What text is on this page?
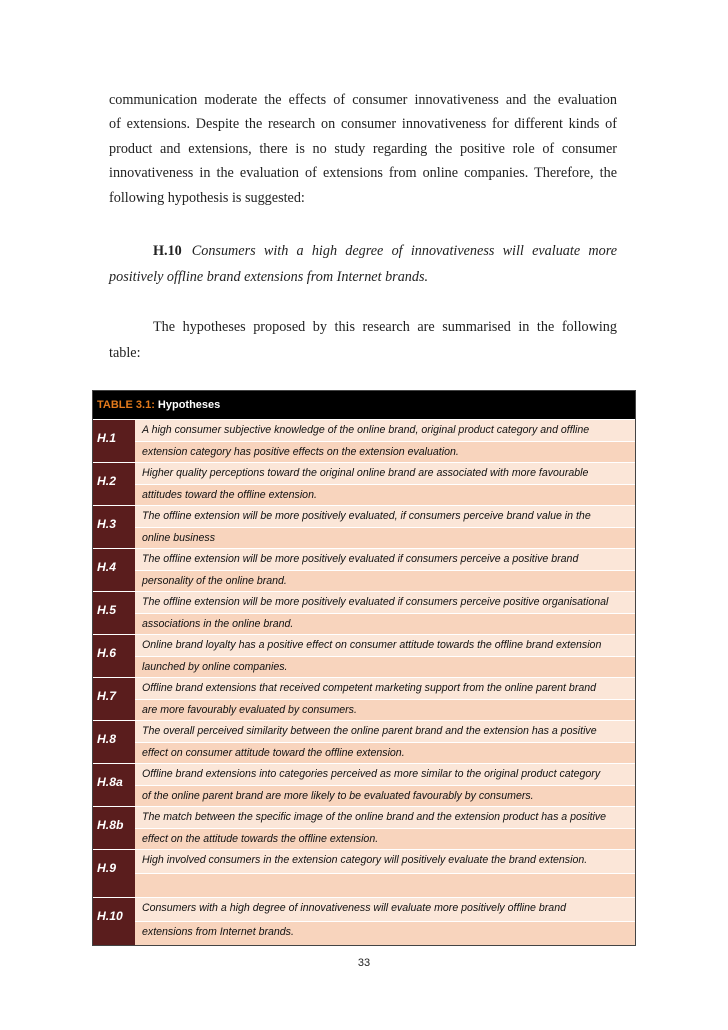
communication moderate the effects of consumer innovativeness and the evaluation
of extensions. Despite the research on consumer innovativeness for different kinds of
product and extensions, there is no study regarding the positive role of consumer
innovativeness in the evaluation of extensions from online companies. Therefore, the
following hypothesis is suggested:
H.10 Consumers with a high degree of innovativeness will evaluate more
positively offline brand extensions from Internet brands.
The hypotheses proposed by this research are summarised in the following
table:
TABLE 3.1: Hypotheses
H.1
A high consumer subjective knowledge of the online brand, original product category and offline
extension category has positive effects on the extension evaluation.
H.2
Higher quality perceptions toward the original online brand are associated with more favourable
attitudes toward the offline extension.
H.3
The offline extension will be more positively evaluated, if consumers perceive brand value in the
online business
H.4
The offline extension will be more positively evaluated if consumers perceive a positive brand
personality of the online brand.
H.5
The offline extension will be more positively evaluated if consumers perceive positive organisational
associations in the online brand.
H.6
Online brand loyalty has a positive effect on consumer attitude towards the offline brand extension
launched by online companies.
H.7
Offline brand extensions that received competent marketing support from the online parent brand
are more favourably evaluated by consumers.
H.8
The overall perceived similarity between the online parent brand and the extension has a positive
effect on consumer attitude toward the offline extension.
H.8a
Offline brand extensions into categories perceived as more similar to the original product category
of the online parent brand are more likely to be evaluated favourably by consumers.
H.8b
The match between the specific image of the online brand and the extension product has a positive
effect on the attitude towards the offline extension.
H.9
High involved consumers in the extension category will positively evaluate the brand extension.
H.10
Consumers with a high degree of innovativeness will evaluate more positively offline brand
extensions from Internet brands.
33
